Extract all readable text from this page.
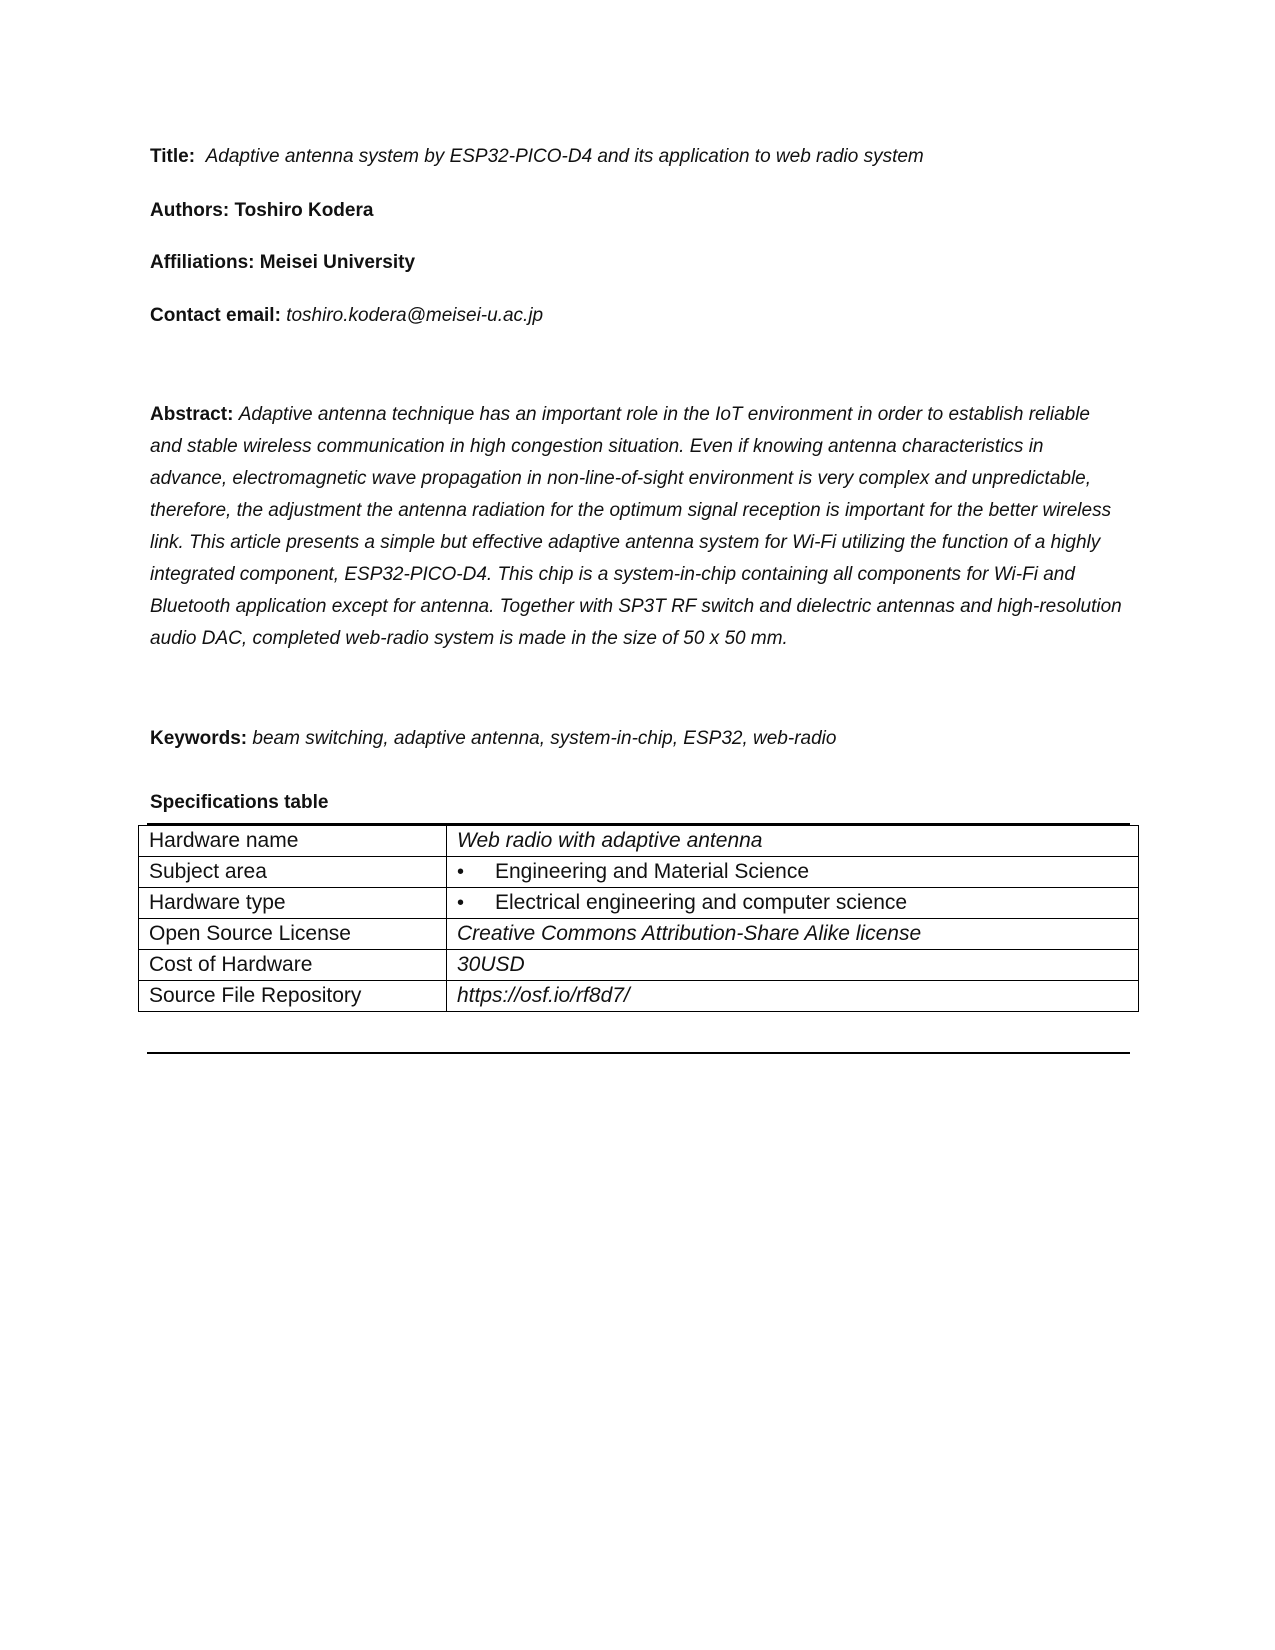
Title: Adaptive antenna system by ESP32-PICO-D4 and its application to web radio system
Authors: Toshiro Kodera
Affiliations: Meisei University
Contact email: toshiro.kodera@meisei-u.ac.jp
Abstract: Adaptive antenna technique has an important role in the IoT environment in order to establish reliable and stable wireless communication in high congestion situation. Even if knowing antenna characteristics in advance, electromagnetic wave propagation in non-line-of-sight environment is very complex and unpredictable, therefore, the adjustment the antenna radiation for the optimum signal reception is important for the better wireless link. This article presents a simple but effective adaptive antenna system for Wi-Fi utilizing the function of a highly integrated component, ESP32-PICO-D4. This chip is a system-in-chip containing all components for Wi-Fi and Bluetooth application except for antenna. Together with SP3T RF switch and dielectric antennas and high-resolution audio DAC, completed web-radio system is made in the size of 50 x 50 mm.
Keywords: beam switching, adaptive antenna, system-in-chip, ESP32, web-radio
Specifications table
Hardware name	Web radio with adaptive antenna
Subject area	• Engineering and Material Science
Hardware type	• Electrical engineering and computer science
Open Source License	Creative Commons Attribution-Share Alike license
Cost of Hardware	30USD
Source File Repository	https://osf.io/rf8d7/
